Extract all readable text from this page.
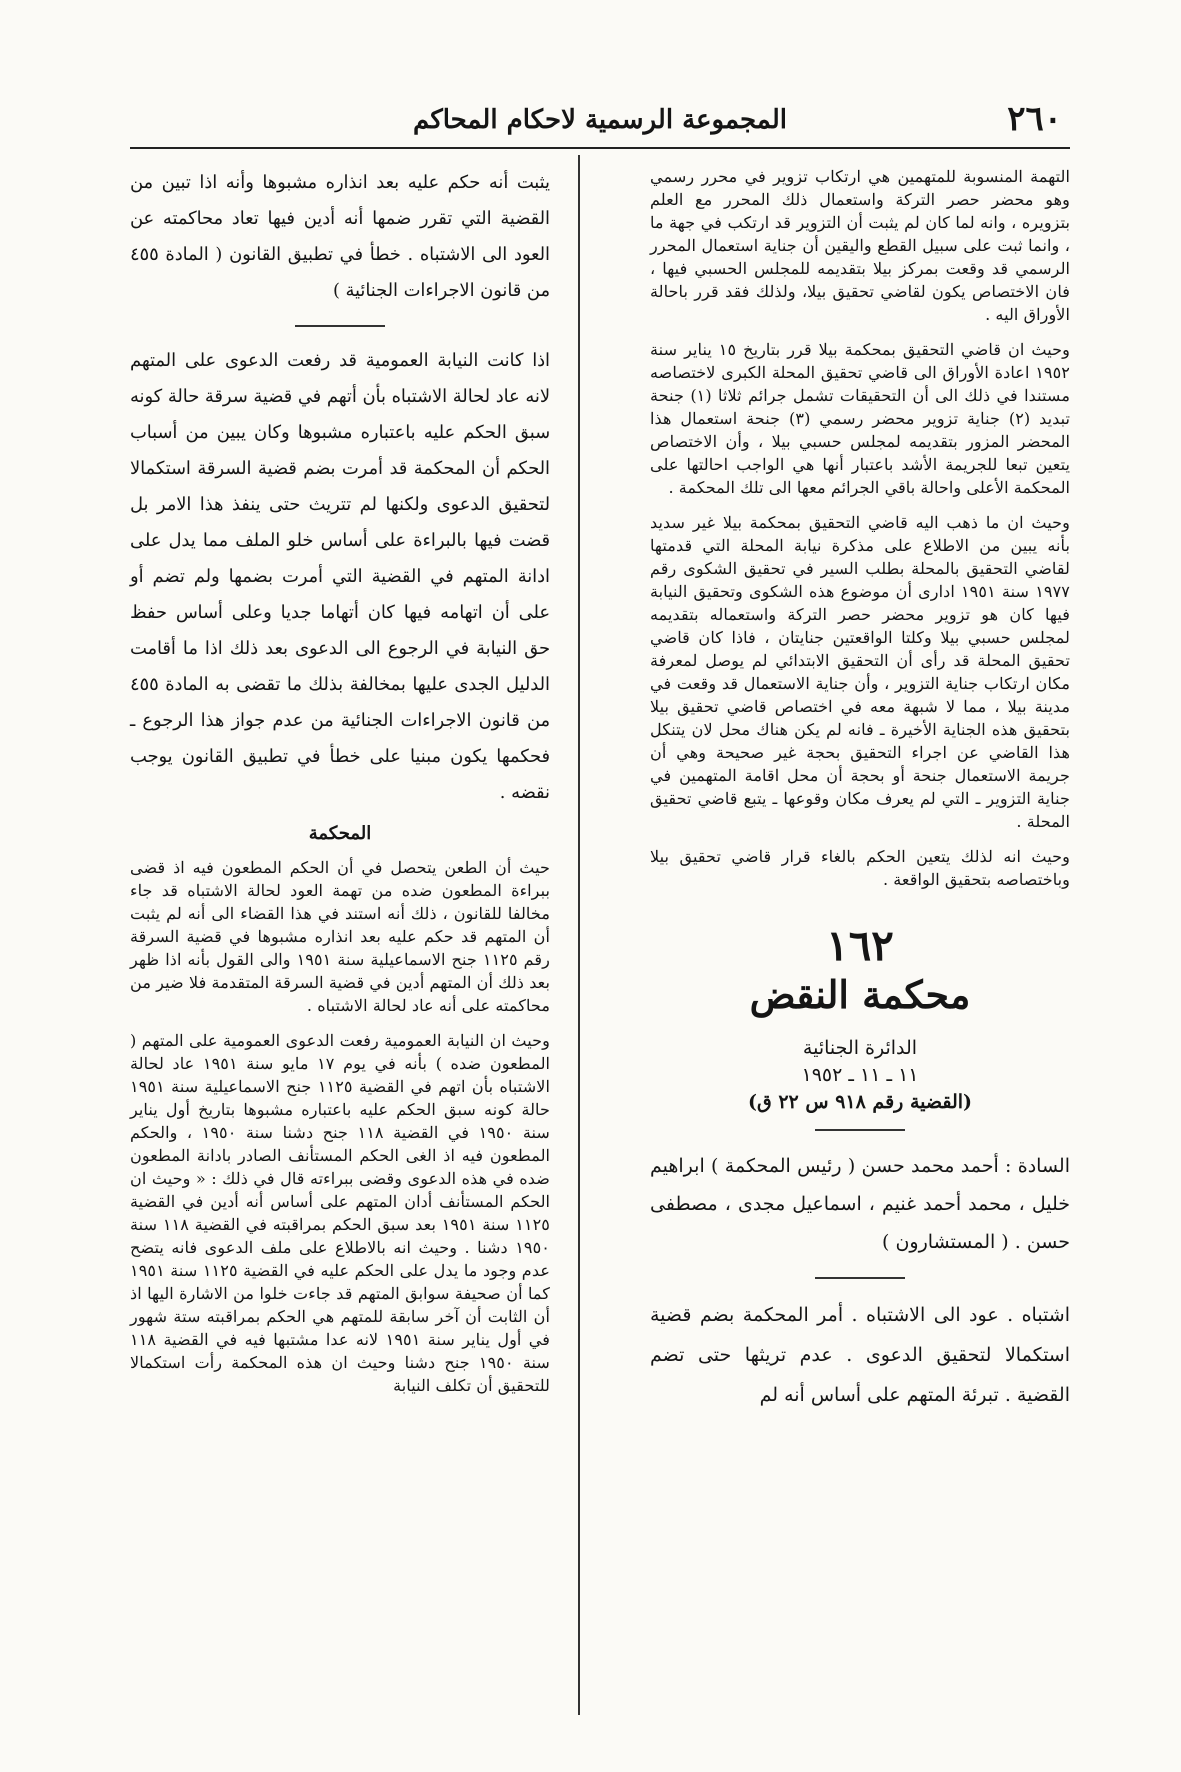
٢٦٠
المجموعة الرسمية لاحكام المحاكم

التهمة المنسوبة للمتهمين هي ارتكاب تزوير في محرر رسمي وهو محضر حصر التركة واستعمال ذلك المحرر مع العلم بتزويره ، وانه لما كان لم يثبت أن التزوير قد ارتكب في جهة ما ، وانما ثبت على سبيل القطع واليقين أن جناية استعمال المحرر الرسمي قد وقعت بمركز بيلا بتقديمه للمجلس الحسبي فيها ، فان الاختصاص يكون لقاضي تحقيق بيلا، ولذلك فقد قرر باحالة الأوراق اليه .

وحيث ان قاضي التحقيق بمحكمة بيلا قرر بتاريخ ١٥ يناير سنة ١٩٥٢ اعادة الأوراق الى قاضي تحقيق المحلة الكبرى لاختصاصه مستندا في ذلك الى أن التحقيقات تشمل جرائم ثلاثا (١) جنحة تبديد (٢) جناية تزوير محضر رسمي (٣) جنحة استعمال هذا المحضر المزور بتقديمه لمجلس حسبي بيلا ، وأن الاختصاص يتعين تبعا للجريمة الأشد باعتبار أنها هي الواجب احالتها على المحكمة الأعلى واحالة باقي الجرائم معها الى تلك المحكمة .

وحيث ان ما ذهب اليه قاضي التحقيق بمحكمة بيلا غير سديد بأنه يبين من الاطلاع على مذكرة نيابة المحلة التي قدمتها لقاضي التحقيق بالمحلة بطلب السير في تحقيق الشكوى رقم ١٩٧٧ سنة ١٩٥١ ادارى أن موضوع هذه الشكوى وتحقيق النيابة فيها كان هو تزوير محضر حصر التركة واستعماله بتقديمه لمجلس حسبي بيلا وكلتا الواقعتين جنايتان ، فاذا كان قاضي تحقيق المحلة قد رأى أن التحقيق الابتدائي لم يوصل لمعرفة مكان ارتكاب جناية التزوير ، وأن جناية الاستعمال قد وقعت في مدينة بيلا ، مما لا شبهة معه في اختصاص قاضي تحقيق بيلا بتحقيق هذه الجناية الأخيرة ـ فانه لم يكن هناك محل لان يتنكل هذا القاضي عن اجراء التحقيق بحجة غير صحيحة وهي أن جريمة الاستعمال جنحة أو بحجة أن محل اقامة المتهمين في جناية التزوير ـ التي لم يعرف مكان وقوعها ـ يتبع قاضي تحقيق المحلة .

وحيث انه لذلك يتعين الحكم بالغاء قرار قاضي تحقيق بيلا وباختصاصه بتحقيق الواقعة .

١٦٢
محكمة النقض
الدائرة الجنائية
١١ ـ ١١ ـ ١٩٥٢
(القضية رقم ٩١٨ س ٢٢ ق)
السادة : أحمد محمد حسن ( رئيس المحكمة ) ابراهيم خليل ، محمد أحمد غنيم ، اسماعيل مجدى ، مصطفى حسن . ( المستشارون )
اشتباه . عود الى الاشتباه . أمر المحكمة بضم قضية استكمالا لتحقيق الدعوى . عدم تريثها حتى تضم القضية . تبرئة المتهم على أساس أنه لم

يثبت أنه حكم عليه بعد انذاره مشبوها وأنه اذا تبين من القضية التي تقرر ضمها أنه أدين فيها تعاد محاكمته عن العود الى الاشتباه . خطأ في تطبيق القانون ( المادة ٤٥٥ من قانون الاجراءات الجنائية )

اذا كانت النيابة العمومية قد رفعت الدعوى على المتهم لانه عاد لحالة الاشتباه بأن أتهم في قضية سرقة حالة كونه سبق الحكم عليه باعتباره مشبوها وكان يبين من أسباب الحكم أن المحكمة قد أمرت بضم قضية السرقة استكمالا لتحقيق الدعوى ولكنها لم تتريث حتى ينفذ هذا الامر بل قضت فيها بالبراءة على أساس خلو الملف مما يدل على ادانة المتهم في القضية التي أمرت بضمها ولم تضم أو على أن اتهامه فيها كان أتهاما جديا وعلى أساس حفظ حق النيابة في الرجوع الى الدعوى بعد ذلك اذا ما أقامت الدليل الجدى عليها بمخالفة بذلك ما تقضى به المادة ٤٥٥ من قانون الاجراءات الجنائية من عدم جواز هذا الرجوع ـ فحكمها يكون مبنيا على خطأ في تطبيق القانون يوجب نقضه .

المحكمة

حيث أن الطعن يتحصل في أن الحكم المطعون فيه اذ قضى ببراءة المطعون ضده من تهمة العود لحالة الاشتباه قد جاء مخالفا للقانون ، ذلك أنه استند في هذا القضاء الى أنه لم يثبت أن المتهم قد حكم عليه بعد انذاره مشبوها في قضية السرقة رقم ١١٢٥ جنح الاسماعيلية سنة ١٩٥١ والى القول بأنه اذا ظهر بعد ذلك أن المتهم أدين في قضية السرقة المتقدمة فلا ضير من محاكمته على أنه عاد لحالة الاشتباه .

وحيث ان النيابة العمومية رفعت الدعوى العمومية على المتهم ( المطعون ضده ) بأنه في يوم ١٧ مايو سنة ١٩٥١ عاد لحالة الاشتباه بأن اتهم في القضية ١١٢٥ جنح الاسماعيلية سنة ١٩٥١ حالة كونه سبق الحكم عليه باعتباره مشبوها بتاريخ أول يناير سنة ١٩٥٠ في القضية ١١٨ جنح دشنا سنة ١٩٥٠ ، والحكم المطعون فيه اذ الغى الحكم المستأنف الصادر بادانة المطعون ضده في هذه الدعوى وقضى ببراءته قال في ذلك : « وحيث ان الحكم المستأنف أدان المتهم على أساس أنه أدين في القضية ١١٢٥ سنة ١٩٥١ بعد سبق الحكم بمراقبته في القضية ١١٨ سنة ١٩٥٠ دشنا . وحيث انه بالاطلاع على ملف الدعوى فانه يتضح عدم وجود ما يدل على الحكم عليه في القضية ١١٢٥ سنة ١٩٥١ كما أن صحيفة سوابق المتهم قد جاءت خلوا من الاشارة اليها اذ أن الثابت أن آخر سابقة للمتهم هي الحكم بمراقبته ستة شهور في أول يناير سنة ١٩٥١ لانه عدا مشتبها فيه في القضية ١١٨ سنة ١٩٥٠ جنح دشنا وحيث ان هذه المحكمة رأت استكمالا للتحقيق أن تكلف النيابة
